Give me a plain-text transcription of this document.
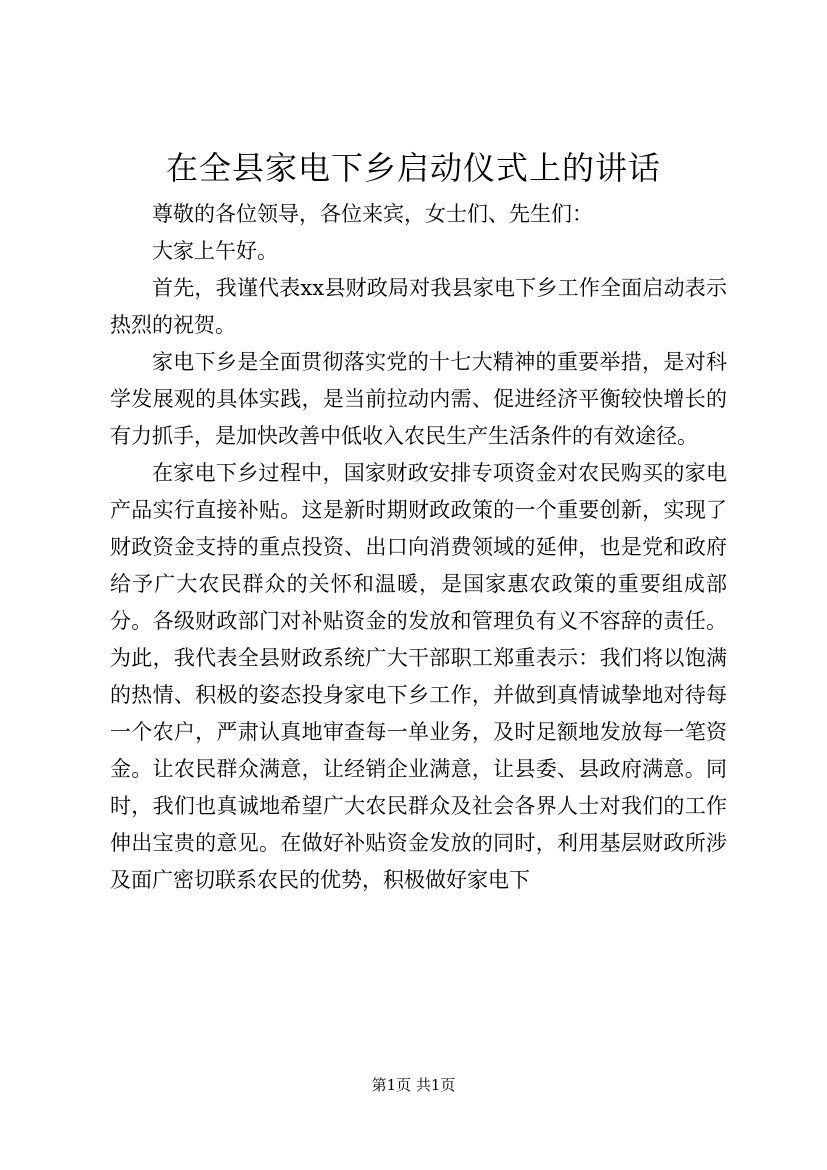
在全县家电下乡启动仪式上的讲话

尊敬的各位领导，各位来宾，女士们、先生们：

大家上午好。

首先，我谨代表xx县财政局对我县家电下乡工作全面启动表示热烈的祝贺。

家电下乡是全面贯彻落实党的十七大精神的重要举措，是对科学发展观的具体实践，是当前拉动内需、促进经济平衡较快增长的有力抓手，是加快改善中低收入农民生产生活条件的有效途径。

在家电下乡过程中，国家财政安排专项资金对农民购买的家电产品实行直接补贴。这是新时期财政政策的一个重要创新，实现了财政资金支持的重点投资、出口向消费领域的延伸，也是党和政府给予广大农民群众的关怀和温暖，是国家惠农政策的重要组成部分。各级财政部门对补贴资金的发放和管理负有义不容辞的责任。为此，我代表全县财政系统广大干部职工郑重表示：我们将以饱满的热情、积极的姿态投身家电下乡工作，并做到真情诚挚地对待每一个农户，严肃认真地审查每一单业务，及时足额地发放每一笔资金。让农民群众满意，让经销企业满意，让县委、县政府满意。同时，我们也真诚地希望广大农民群众及社会各界人士对我们的工作伸出宝贵的意见。在做好补贴资金发放的同时，利用基层财政所涉及面广密切联系农民的优势，积极做好家电下

第1页 共1页
